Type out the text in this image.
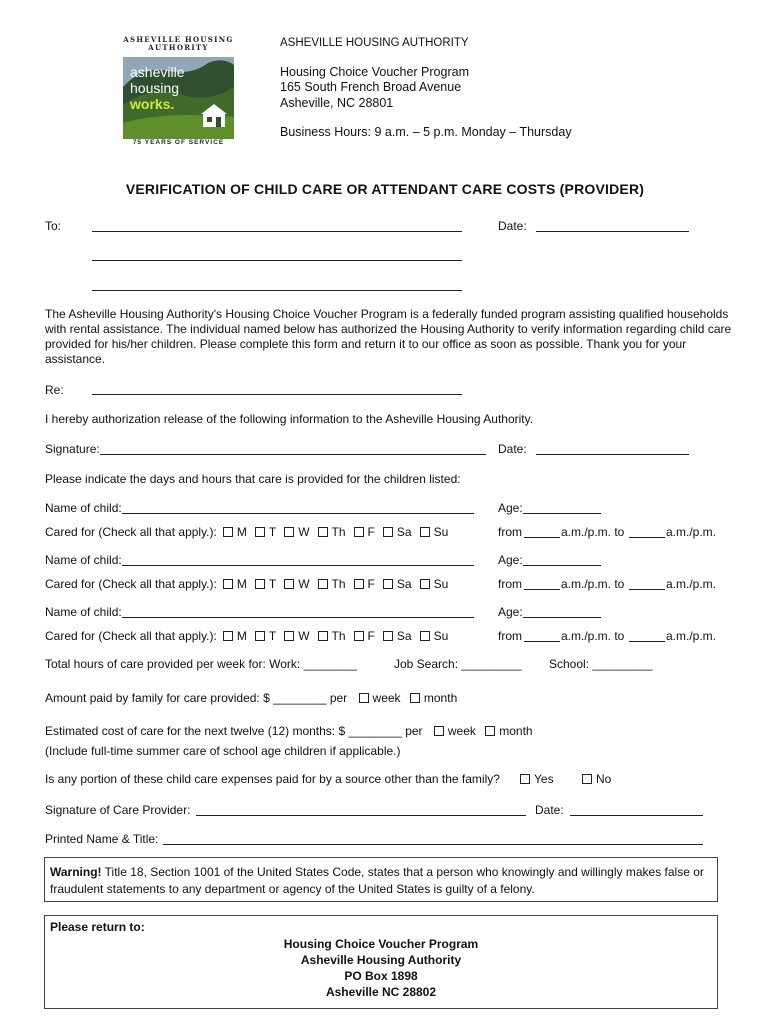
ASHEVILLE HOUSING
AUTHORITY
asheville
housing
works.
75 YEARS OF SERVICE
ASHEVILLE HOUSING AUTHORITY
Housing Choice Voucher Program
165 South French Broad Avenue
Asheville, NC 28801
Business Hours: 9 a.m. – 5 p.m. Monday – Thursday
VERIFICATION OF CHILD CARE OR ATTENDANT CARE COSTS (PROVIDER)
To:	Date:
The Asheville Housing Authority's Housing Choice Voucher Program is a federally funded program assisting qualified households with rental assistance. The individual named below has authorized the Housing Authority to verify information regarding child care provided for his/her children. Please complete this form and return it to our office as soon as possible. Thank you for your assistance.
Re:
I hereby authorization release of the following information to the Asheville Housing Authority.
Signature:	Date:
Please indicate the days and hours that care is provided for the children listed:
Name of child:	Age:
Cared for (Check all that apply.): M T W Th F Sa Su	from	a.m./p.m. to	a.m./p.m.
Name of child:	Age:
Cared for (Check all that apply.): M T W Th F Sa Su	from	a.m./p.m. to	a.m./p.m.
Name of child:	Age:
Cared for (Check all that apply.): M T W Th F Sa Su	from	a.m./p.m. to	a.m./p.m.
Total hours of care provided per week for: Work: ________	Job Search: _________ School: _________
Amount paid by family for care provided: $ ________ per week month
Estimated cost of care for the next twelve (12) months: $ ________ per week month
(Include full-time summer care of school age children if applicable.)
Is any portion of these child care expenses paid for by a source other than the family?	Yes	No
Signature of Care Provider:	Date:
Printed Name & Title:
Warning! Title 18, Section 1001 of the United States Code, states that a person who knowingly and willingly makes false or fraudulent statements to any department or agency of the United States is guilty of a felony.
Please return to:
Housing Choice Voucher Program
Asheville Housing Authority
PO Box 1898
Asheville NC 28802
